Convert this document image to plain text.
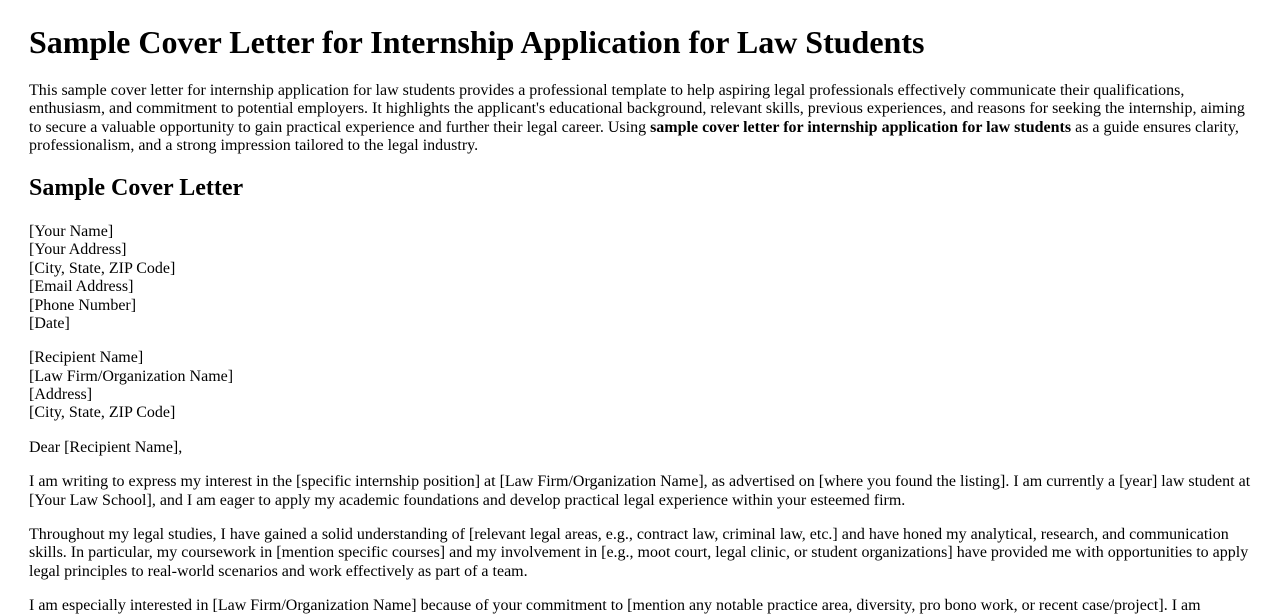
Sample Cover Letter for Internship Application for Law Students

This sample cover letter for internship application for law students provides a professional template to help aspiring legal professionals effectively communicate their qualifications, enthusiasm, and commitment to potential employers. It highlights the applicant's educational background, relevant skills, previous experiences, and reasons for seeking the internship, aiming to secure a valuable opportunity to gain practical experience and further their legal career. Using sample cover letter for internship application for law students as a guide ensures clarity, professionalism, and a strong impression tailored to the legal industry.

Sample Cover Letter

[Your Name]
[Your Address]
[City, State, ZIP Code]
[Email Address]
[Phone Number]
[Date]

[Recipient Name]
[Law Firm/Organization Name]
[Address]
[City, State, ZIP Code]

Dear [Recipient Name],

I am writing to express my interest in the [specific internship position] at [Law Firm/Organization Name], as advertised on [where you found the listing]. I am currently a [year] law student at [Your Law School], and I am eager to apply my academic foundations and develop practical legal experience within your esteemed firm.

Throughout my legal studies, I have gained a solid understanding of [relevant legal areas, e.g., contract law, criminal law, etc.] and have honed my analytical, research, and communication skills. In particular, my coursework in [mention specific courses] and my involvement in [e.g., moot court, legal clinic, or student organizations] have provided me with opportunities to apply legal principles to real-world scenarios and work effectively as part of a team.

I am especially interested in [Law Firm/Organization Name] because of your commitment to [mention any notable practice area, diversity, pro bono work, or recent case/project]. I am
